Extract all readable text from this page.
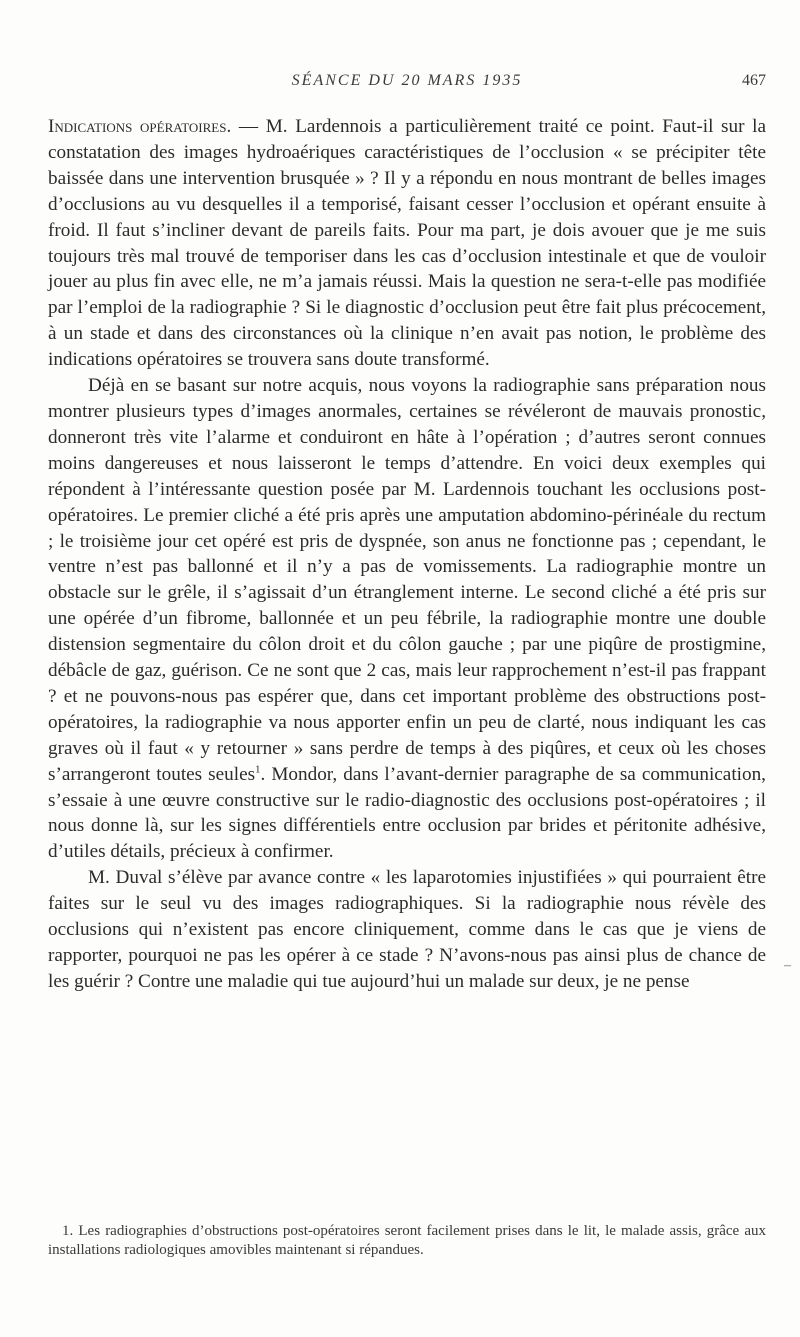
SÉANCE DU 20 MARS 1935	467

Indications opératoires. — M. Lardennois a particulièrement traité ce point. Faut-il sur la constatation des images hydroaériques caractéristiques de l’occlusion « se précipiter tête baissée dans une intervention brusquée » ? Il y a répondu en nous montrant de belles images d’occlusions au vu desquelles il a temporisé, faisant cesser l’occlusion et opérant ensuite à froid. Il faut s’incliner devant de pareils faits. Pour ma part, je dois avouer que je me suis toujours très mal trouvé de temporiser dans les cas d’occlusion intestinale et que de vouloir jouer au plus fin avec elle, ne m’a jamais réussi. Mais la question ne sera-t-elle pas modifiée par l’emploi de la radiographie ? Si le diagnostic d’occlusion peut être fait plus précocement, à un stade et dans des circonstances où la clinique n’en avait pas notion, le problème des indications opératoires se trouvera sans doute transformé.

Déjà en se basant sur notre acquis, nous voyons la radiographie sans préparation nous montrer plusieurs types d’images anormales, certaines se révéleront de mauvais pronostic, donneront très vite l’alarme et conduiront en hâte à l’opération ; d’autres seront connues moins dangereuses et nous laisseront le temps d’attendre. En voici deux exemples qui répondent à l’intéressante question posée par M. Lardennois touchant les occlusions post-opératoires. Le premier cliché a été pris après une amputation abdomino-périnéale du rectum ; le troisième jour cet opéré est pris de dyspnée, son anus ne fonctionne pas ; cependant, le ventre n’est pas ballonné et il n’y a pas de vomissements. La radiographie montre un obstacle sur le grêle, il s’agissait d’un étranglement interne. Le second cliché a été pris sur une opérée d’un fibrome, ballonnée et un peu fébrile, la radiographie montre une double distension segmentaire du côlon droit et du côlon gauche ; par une piqûre de prostigmine, débâcle de gaz, guérison. Ce ne sont que 2 cas, mais leur rapprochement n’est-il pas frappant ? et ne pouvons-nous pas espérer que, dans cet important problème des obstructions post-opératoires, la radiographie va nous apporter enfin un peu de clarté, nous indiquant les cas graves où il faut « y retourner » sans perdre de temps à des piqûres, et ceux où les choses s’arrangeront toutes seules$^1$. Mondor, dans l’avant-dernier paragraphe de sa communication, s’essaie à une œuvre constructive sur le radio-diagnostic des occlusions post-opératoires ; il nous donne là, sur les signes différentiels entre occlusion par brides et péritonite adhésive, d’utiles détails, précieux à confirmer.

M. Duval s’élève par avance contre « les laparotomies injustifiées » qui pourraient être faites sur le seul vu des images radiographiques. Si la radiographie nous révèle des occlusions qui n’existent pas encore cliniquement, comme dans le cas que je viens de rapporter, pourquoi ne pas les opérer à ce stade ? N’avons-nous pas ainsi plus de chance de les guérir ? Contre une maladie qui tue aujourd’hui un malade sur deux, je ne pense

–
1. Les radiographies d’obstructions post-opératoires seront facilement prises dans le lit, le malade assis, grâce aux installations radiologiques amovibles maintenant si répandues.
